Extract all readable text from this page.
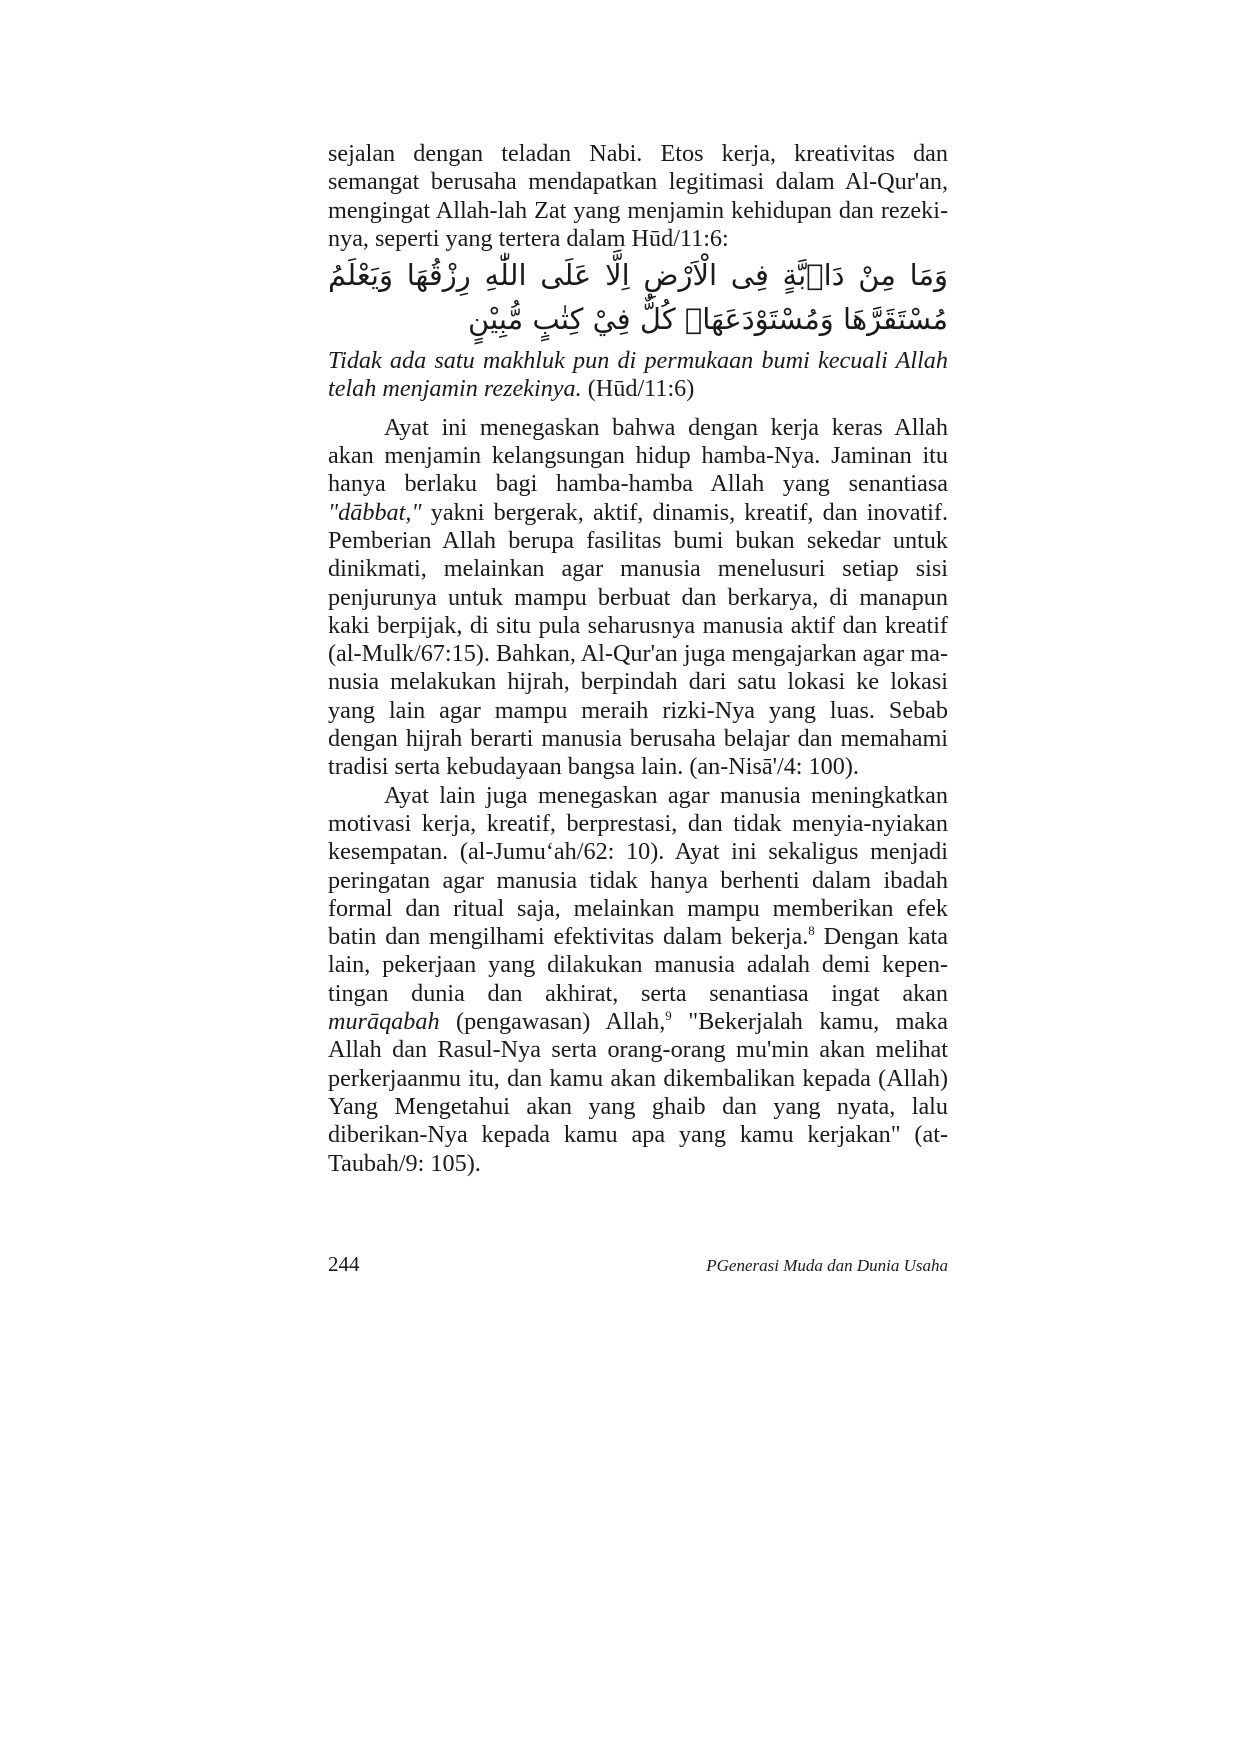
sejalan dengan teladan Nabi. Etos kerja, kreativitas dan semangat berusaha mendapatkan legitimasi dalam Al-Qur'an, mengingat Allah-lah Zat yang menjamin kehidupan dan rezekinya, seperti yang tertera dalam Hūd/11:6:

وَمَا مِنْ دَاۤبَّةٍ فِى الْاَرْضِ اِلَّا عَلَى اللّٰهِ رِزْقُهَا وَيَعْلَمُ مُسْتَقَرَّهَا وَمُسْتَوْدَعَهَاۗ كُلٌّ فِيْ كِتٰبٍ مُّبِيْنٍ

Tidak ada satu makhluk pun di permukaan bumi kecuali Allah telah menjamin rezekinya. (Hūd/11:6)

Ayat ini menegaskan bahwa dengan kerja keras Allah akan menjamin kelangsungan hidup hamba-Nya. Jaminan itu hanya berlaku bagi hamba-hamba Allah yang senantiasa "dābbat," yakni bergerak, aktif, dinamis, kreatif, dan inovatif. Pemberian Allah berupa fasilitas bumi bukan sekedar untuk dinikmati, melainkan agar manusia menelusuri setiap sisi penjurunya untuk mampu berbuat dan berkarya, di manapun kaki berpijak, di situ pula seharusnya manusia aktif dan kreatif (al-Mulk/67:15). Bahkan, Al-Qur'an juga mengajarkan agar manusia melakukan hijrah, berpindah dari satu lokasi ke lokasi yang lain agar mampu meraih rizki-Nya yang luas. Sebab dengan hijrah berarti manusia berusaha belajar dan memahami tradisi serta kebudayaan bangsa lain. (an-Nisā'/4: 100).

Ayat lain juga menegaskan agar manusia meningkatkan motivasi kerja, kreatif, berprestasi, dan tidak menyia-nyiakan kesempatan. (al-Jumuʻah/62: 10). Ayat ini sekaligus menjadi peringatan agar manusia tidak hanya berhenti dalam ibadah formal dan ritual saja, melainkan mampu memberikan efek batin dan mengilhami efektivitas dalam bekerja.$^8$ Dengan kata lain, pekerjaan yang dilakukan manusia adalah demi kepentingan dunia dan akhirat, serta senantiasa ingat akan murāqabah (pengawasan) Allah,$^9$ "Bekerjalah kamu, maka Allah dan Rasul-Nya serta orang-orang mu'min akan melihat perkerjaanmu itu, dan kamu akan dikembalikan kepada (Allah) Yang Mengetahui akan yang ghaib dan yang nyata, lalu diberikan-Nya kepada kamu apa yang kamu kerjakan" (at-Taubah/9: 105).

244	PGenerasi Muda dan Dunia Usaha
